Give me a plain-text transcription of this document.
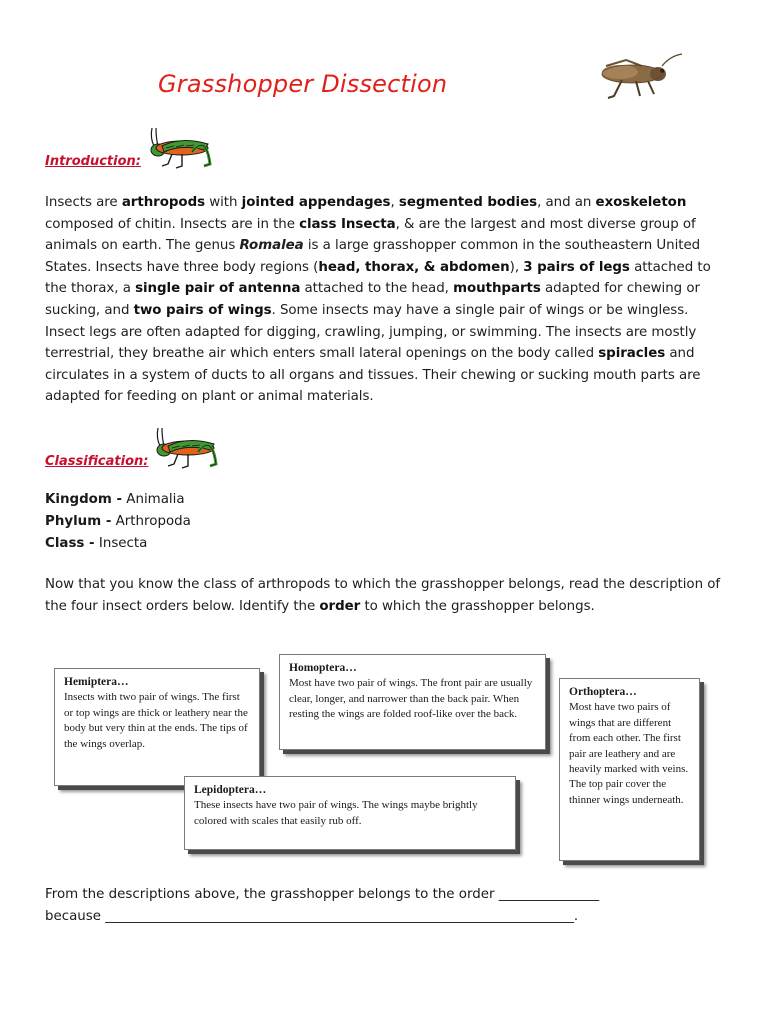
Grasshopper Dissection
Introduction:
Insects are arthropods with jointed appendages, segmented bodies, and an exoskeleton composed of chitin. Insects are in the class Insecta, & are the largest and most diverse group of animals on earth. The genus Romalea is a large grasshopper common in the southeastern United States. Insects have three body regions (head, thorax, & abdomen), 3 pairs of legs attached to the thorax, a single pair of antenna attached to the head, mouthparts adapted for chewing or sucking, and two pairs of wings. Some insects may have a single pair of wings or be wingless. Insect legs are often adapted for digging, crawling, jumping, or swimming. The insects are mostly terrestrial, they breathe air which enters small lateral openings on the body called spiracles and circulates in a system of ducts to all organs and tissues. Their chewing or sucking mouth parts are adapted for feeding on plant or animal materials.
Classification:
Kingdom - Animalia
Phylum - Arthropoda
Class - Insecta
Now that you know the class of arthropods to which the grasshopper belongs, read the description of the four insect orders below. Identify the order to which the grasshopper belongs.
Hemiptera…
Insects with two pair of wings. The first or top wings are thick or leathery near the body but very thin at the ends. The tips of the wings overlap.
Homoptera…
Most have two pair of wings. The front pair are usually clear, longer, and narrower than the back pair. When resting the wings are folded roof-like over the back.
Orthoptera…
Most have two pairs of wings that are different from each other. The first pair are leathery and are heavily marked with veins. The top pair cover the thinner wings underneath.
Lepidoptera…
These insects have two pair of wings. The wings maybe brightly colored with scales that easily rub off.
From the descriptions above, the grasshopper belongs to the order _______________
because ______________________________________________________________________.
